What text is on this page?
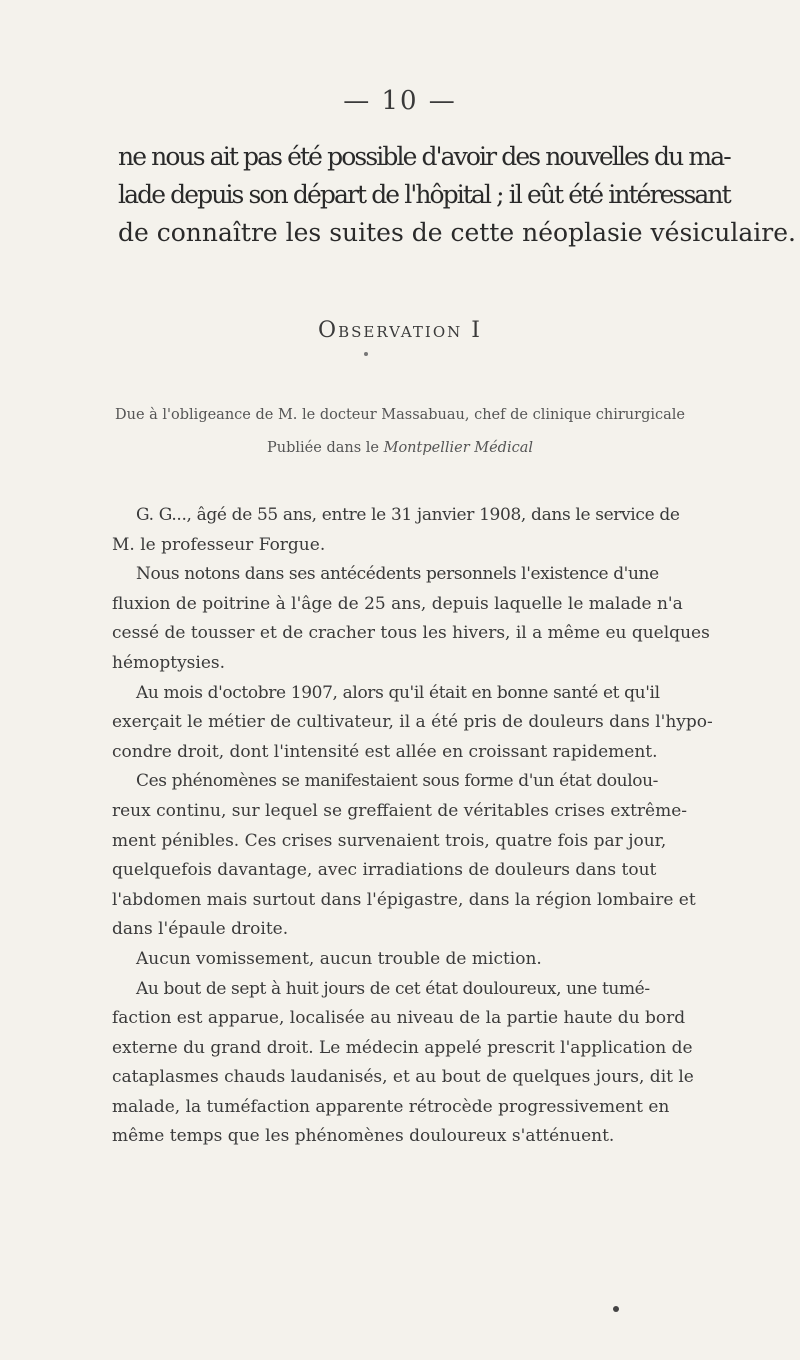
— 10 —

ne nous ait pas été possible d'avoir des nouvelles du ma-
lade depuis son départ de l'hôpital ; il eût été intéressant
de connaître les suites de cette néoplasie vésiculaire.

Observation I
Due à l'obligeance de M. le docteur Massabuau, chef de clinique chirurgicale
Publiée dans le Montpellier Médical
G. G..., âgé de 55 ans, entre le 31 janvier 1908, dans le service de
M. le professeur Forgue.
Nous notons dans ses antécédents personnels l'existence d'une
fluxion de poitrine à l'âge de 25 ans, depuis laquelle le malade n'a
cessé de tousser et de cracher tous les hivers, il a même eu quelques
hémoptysies.
Au mois d'octobre 1907, alors qu'il était en bonne santé et qu'il
exerçait le métier de cultivateur, il a été pris de douleurs dans l'hypo-
condre droit, dont l'intensité est allée en croissant rapidement.
Ces phénomènes se manifestaient sous forme d'un état doulou-
reux continu, sur lequel se greffaient de véritables crises extrême-
ment pénibles. Ces crises survenaient trois, quatre fois par jour,
quelquefois davantage, avec irradiations de douleurs dans tout
l'abdomen mais surtout dans l'épigastre, dans la région lombaire et
dans l'épaule droite.
Aucun vomissement, aucun trouble de miction.
Au bout de sept à huit jours de cet état douloureux, une tumé-
faction est apparue, localisée au niveau de la partie haute du bord
externe du grand droit. Le médecin appelé prescrit l'application de
cataplasmes chauds laudanisés, et au bout de quelques jours, dit le
malade, la tuméfaction apparente rétrocède progressivement en
même temps que les phénomènes douloureux s'atténuent.
